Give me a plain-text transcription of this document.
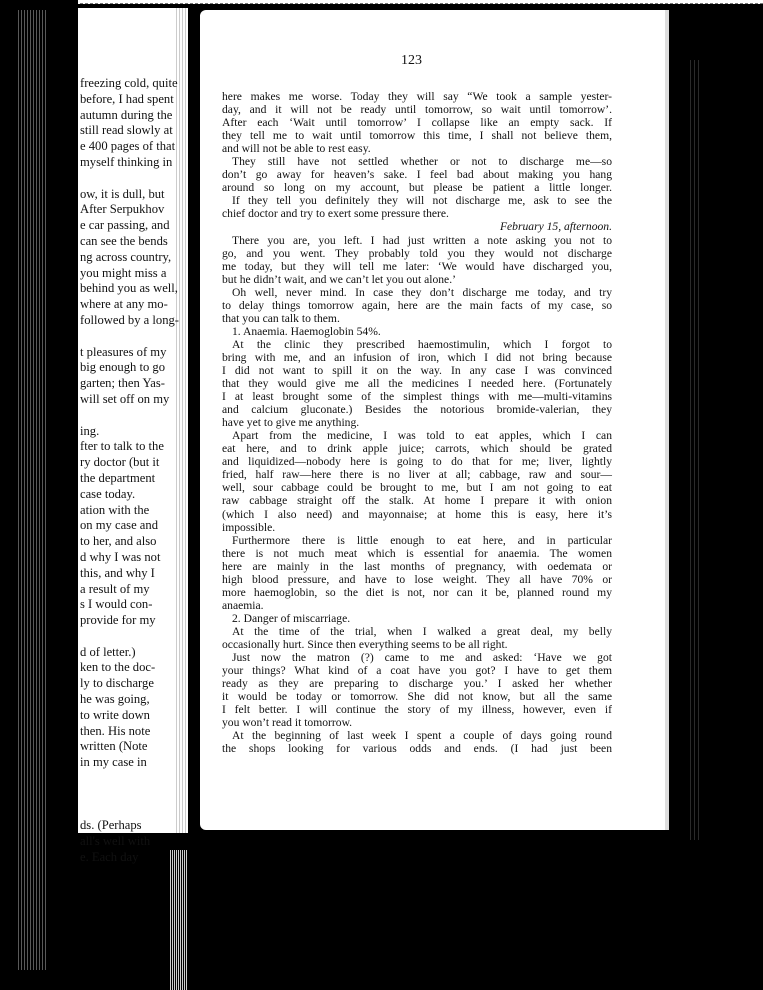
freezing cold, quite
before, I had spent
autumn during the
still read slowly at
e 400 pages of that
myself thinking in
ow, it is dull, but
After Serpukhov
e car passing, and
can see the bends
ng across country,
you might miss a
behind you as well,
where at any mo-
followed by a long-
t pleasures of my
big enough to go
garten; then Yas-
will set off on my
ing.
fter to talk to the
ry doctor (but it
the department
case today.
ation with the
on my case and
to her, and also
d why I was not
this, and why I
a result of my
s I would con-
provide for my
d of letter.)
ken to the doc-
ly to discharge
he was going,
to write down
then. His note
written (Note
in my case in
ds. (Perhaps
all's well with
e. Each day
123
here makes me worse. Today they will say “We took a sample yester-
day, and it will not be ready until tomorrow, so wait until tomorrow’.
After each ‘Wait until tomorrow’ I collapse like an empty sack. If
they tell me to wait until tomorrow this time, I shall not believe them,
and will not be able to rest easy.
They still have not settled whether or not to discharge me—so
don’t go away for heaven’s sake. I feel bad about making you hang
around so long on my account, but please be patient a little longer.
If they tell you definitely they will not discharge me, ask to see the
chief doctor and try to exert some pressure there.
February 15, afternoon.
There you are, you left. I had just written a note asking you not to
go, and you went. They probably told you they would not discharge
me today, but they will tell me later: ‘We would have discharged you,
but he didn’t wait, and we can’t let you out alone.’
Oh well, never mind. In case they don’t discharge me today, and try
to delay things tomorrow again, here are the main facts of my case, so
that you can talk to them.
1. Anaemia. Haemoglobin 54%.
At the clinic they prescribed haemostimulin, which I forgot to
bring with me, and an infusion of iron, which I did not bring because
I did not want to spill it on the way. In any case I was convinced
that they would give me all the medicines I needed here. (Fortunately
I at least brought some of the simplest things with me—multi-vitamins
and calcium gluconate.) Besides the notorious bromide-valerian, they
have yet to give me anything.
Apart from the medicine, I was told to eat apples, which I can
eat here, and to drink apple juice; carrots, which should be grated
and liquidized—nobody here is going to do that for me; liver, lightly
fried, half raw—here there is no liver at all; cabbage, raw and sour—
well, sour cabbage could be brought to me, but I am not going to eat
raw cabbage straight off the stalk. At home I prepare it with onion
(which I also need) and mayonnaise; at home this is easy, here it’s
impossible.
Furthermore there is little enough to eat here, and in particular
there is not much meat which is essential for anaemia. The women
here are mainly in the last months of pregnancy, with oedemata or
high blood pressure, and have to lose weight. They all have 70% or
more haemoglobin, so the diet is not, nor can it be, planned round my
anaemia.
2. Danger of miscarriage.
At the time of the trial, when I walked a great deal, my belly
occasionally hurt. Since then everything seems to be all right.
Just now the matron (?) came to me and asked: ‘Have we got
your things? What kind of a coat have you got? I have to get them
ready as they are preparing to discharge you.’ I asked her whether
it would be today or tomorrow. She did not know, but all the same
I felt better. I will continue the story of my illness, however, even if
you won’t read it tomorrow.
At the beginning of last week I spent a couple of days going round
the shops looking for various odds and ends. (I had just been
